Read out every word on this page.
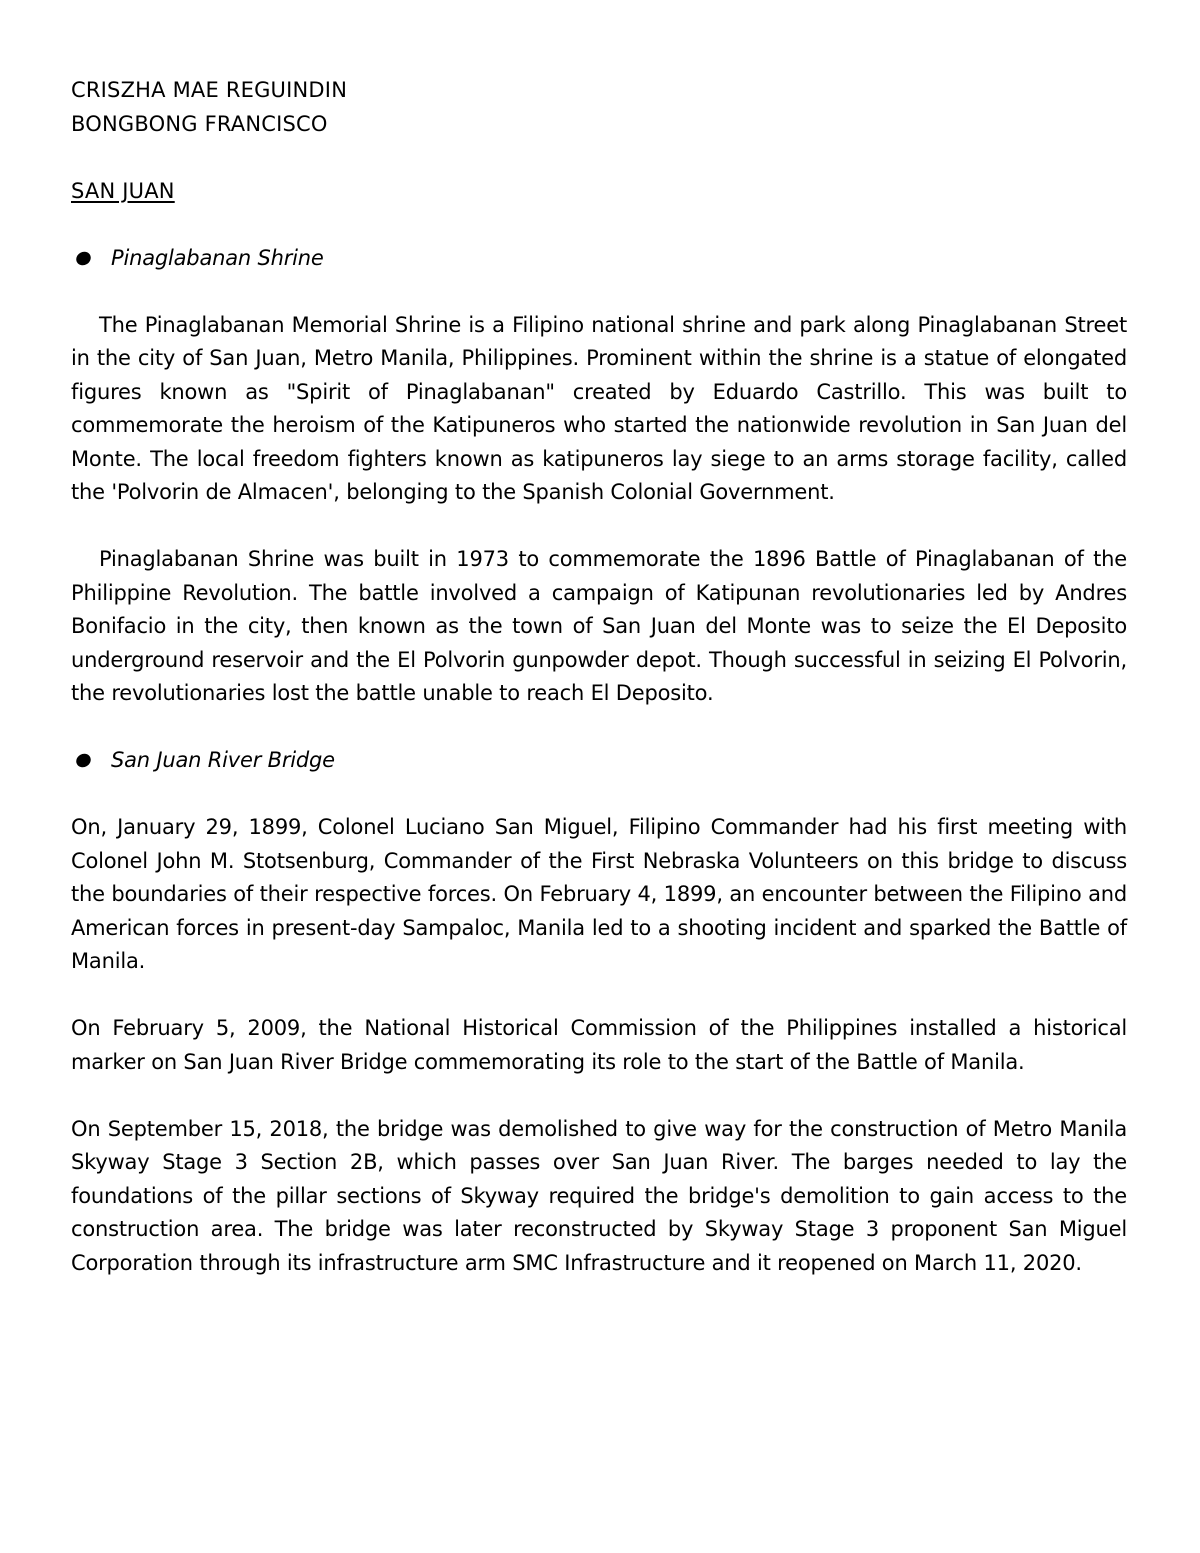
CRISZHA MAE REGUINDIN

BONGBONG FRANCISCO

SAN JUAN

Pinaglabanan Shrine

The Pinaglabanan Memorial Shrine is a Filipino national shrine and park along Pinaglabanan Street in the city of San Juan, Metro Manila, Philippines. Prominent within the shrine is a statue of elongated figures known as "Spirit of Pinaglabanan" created by Eduardo Castrillo. This was built to commemorate the heroism of the Katipuneros who started the nationwide revolution in San Juan del Monte. The local freedom fighters known as katipuneros lay siege to an arms storage facility, called the 'Polvorin de Almacen', belonging to the Spanish Colonial Government.

Pinaglabanan Shrine was built in 1973 to commemorate the 1896 Battle of Pinaglabanan of the Philippine Revolution. The battle involved a campaign of Katipunan revolutionaries led by Andres Bonifacio in the city, then known as the town of San Juan del Monte was to seize the El Deposito underground reservoir and the El Polvorin gunpowder depot. Though successful in seizing El Polvorin, the revolutionaries lost the battle unable to reach El Deposito.

San Juan River Bridge

On, January 29, 1899, Colonel Luciano San Miguel, Filipino Commander had his first meeting with Colonel John M. Stotsenburg, Commander of the First Nebraska Volunteers on this bridge to discuss the boundaries of their respective forces. On February 4, 1899, an encounter between the Filipino and American forces in present-day Sampaloc, Manila led to a shooting incident and sparked the Battle of Manila.

On February 5, 2009, the National Historical Commission of the Philippines installed a historical marker on San Juan River Bridge commemorating its role to the start of the Battle of Manila.

On September 15, 2018, the bridge was demolished to give way for the construction of Metro Manila Skyway Stage 3 Section 2B, which passes over San Juan River. The barges needed to lay the foundations of the pillar sections of Skyway required the bridge's demolition to gain access to the construction area. The bridge was later reconstructed by Skyway Stage 3 proponent San Miguel Corporation through its infrastructure arm SMC Infrastructure and it reopened on March 11, 2020.
